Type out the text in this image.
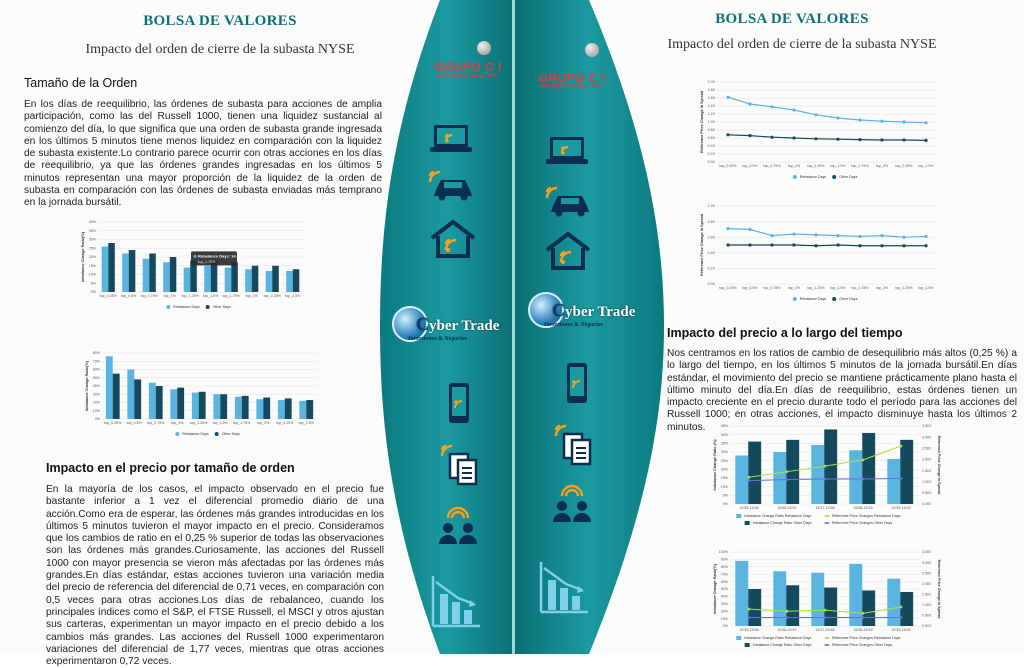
BOLSA DE VALORES
Impacto del orden de cierre de la subasta NYSE
Tamaño de la Orden
En los días de reequilibrio, las órdenes de subasta para acciones de amplia participación, como las del Russell 1000, tienen una liquidez sustancial al comienzo del día, lo que significa que una orden de subasta grande ingresada en los últimos 5 minutos tiene menos liquidez en comparación con la liquidez de subasta existente.Lo contrario parece ocurrir con otras acciones en los días de reequilibrio, ya que las órdenes grandes ingresadas en los últimos 5 minutos representan una mayor proporción de la liquidez de la orden de subasta en comparación con las órdenes de subasta enviadas más temprano en la jornada bursátil.
0%
5%
10%
15%
20%
25%
30%
35%
40%
Imbalance Change Ratio(%)
top_0.25% top_0.5% top_0.75% top_1% top_1.25% top_1.5% top_1.75% top_2% top_2.25% top_2.5%
Rebalance Days	Other Days
Rebalance Days: 14.18%
top_1.75%
0%
10%
20%
30%
40%
50%
60%
70%
80%
Imbalance Change Ratio(%)
top_0.25% top_0.5% top_0.75% top_1% top_1.25% top_1.5% top_1.75% top_2% top_2.25% top_2.5%
Rebalance Days	Other Days
Impacto en el precio por tamaño de orden
En la mayoría de los casos, el impacto observado en el precio fue bastante inferior a 1 vez el diferencial promedio diario de una acción.Como era de esperar, las órdenes más grandes introducidas en los últimos 5 minutos tuvieron el mayor impacto en el precio. Consideramos que los cambios de ratio en el 0,25 % superior de todas las observaciones son las órdenes más grandes.Curiosamente, las acciones del Russell 1000 con mayor presencia se vieron más afectadas por las órdenes más grandes.En días estándar, estas acciones tuvieron una variación media del precio de referencia del diferencial de 0,71 veces, en comparación con 0,5 veces para otras acciones.Los días de rebalanceo, cuando los principales índices como el S&P, el FTSE Russell, el MSCI y otros ajustan sus carteras, experimentan un mayor impacto en el precio debido a los cambios más grandes. Las acciones del Russell 1000 experimentaron variaciones del diferencial de 1,77 veces, mientras que otras acciones experimentaron 0,72 veces.
BOLSA DE VALORES
Impacto del orden de cierre de la subasta NYSE
0.0X
0.2X
0.4X
0.6X
0.8X
1.0X
1.2X
1.4X
1.6X
1.8X
2.0X
Reference Price Change In Spread
top_0.25% top_0.5% top_0.75% top_1% top_1.25% top_1.5% top_1.75% top_2% top_2.25% top_2.5%
Rebalance Days	Other Days
0.0X
0.2X
0.4X
0.6X
0.8X
1.0X
Reference Price Change In Spread
top_0.25% top_0.5% top_0.75% top_1% top_1.25% top_1.5% top_1.75% top_2% top_2.25% top_2.5%
Rebalance Days	Other Days
Impacto del precio a lo largo del tiempo
Nos centramos en los ratios de cambio de desequilibrio más altos (0,25 %) a lo largo del tiempo, en los últimos 5 minutos de la jornada bursátil.En días estándar, el movimiento del precio se mantiene prácticamente plano hasta el último minuto del día.En días de reequilibrio, estas órdenes tienen un impacto creciente en el precio durante todo el período para las acciones del Russell 1000; en otras acciones, el impacto disminuye hasta los últimos 2 minutos.
0%
5%
10%
15%
20%
25%
30%
35%
40%
45%
0.00X
0.50X
1.00X
1.50X
2.00X
2.50X
3.00X
3.50X
Reference Price Change In Spread
Imbalance Change Ratio (%)
15:55-15:56	15:56-15:57	15:57-15:58	15:58-15:59	15:59-16:00
Imbalance Change Ratio Rebalance Days	Reference Price Changes Rebalance Days
Imbalance Change Ratio Other Days	Reference Price Changes Other Days
0%
10%
20%
30%
40%
50%
60%
70%
80%
90%
100%
0.00X
0.50X
1.00X
1.50X
2.00X
2.50X
3.00X
3.50X
Reference Price Change In Spread
Imbalance Change Ratio(%)
15:55-15:56	15:56-15:57	15:57-15:58	15:58-15:59	15:59-16:00
Imbalance Change Ratio Rebalance Days	Reference Price Changes Rebalance Days
Imbalance Change Ratio Other Days	Reference Price Changes Other Days
GRUPO C I
INTERNACIONAL INC.	GRUPO C I
INTERNACIONAL INC.
Cyber Trade
Inversiones & Negocios
Cyber Trade
Inversiones & Negocios
